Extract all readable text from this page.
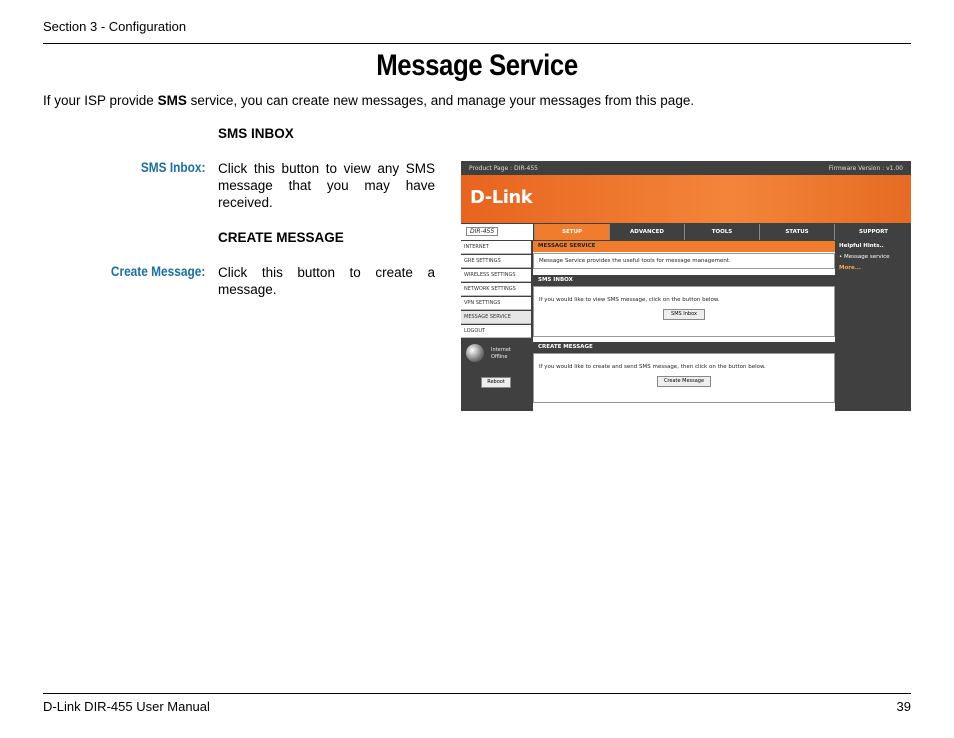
Section 3 - Configuration
Message Service
If your ISP provide SMS service, you can create new messages, and manage your messages from this page.
SMS INBOX
SMS Inbox: Click this button to view any SMS message that you may have received.
CREATE MESSAGE
Create Message: Click this button to create a message.
Product Page : DIR-455	Firmware Version : v1.00
D-Link
DIR-455	SETUP	ADVANCED	TOOLS	STATUS	SUPPORT
INTERNET
GRE SETTINGS
WIRELESS SETTINGS
NETWORK SETTINGS
VPN SETTINGS
MESSAGE SERVICE
LOGOUT
Internet
Offline
Reboot
MESSAGE SERVICE
Message Service provides the useful tools for message management.
SMS INBOX
If you would like to view SMS message, click on the button below.
SMS Inbox
CREATE MESSAGE
If you would like to create and send SMS message, then click on the button below.
Create Message
Helpful Hints..
• Message service
More...
D-Link DIR-455 User Manual	39
